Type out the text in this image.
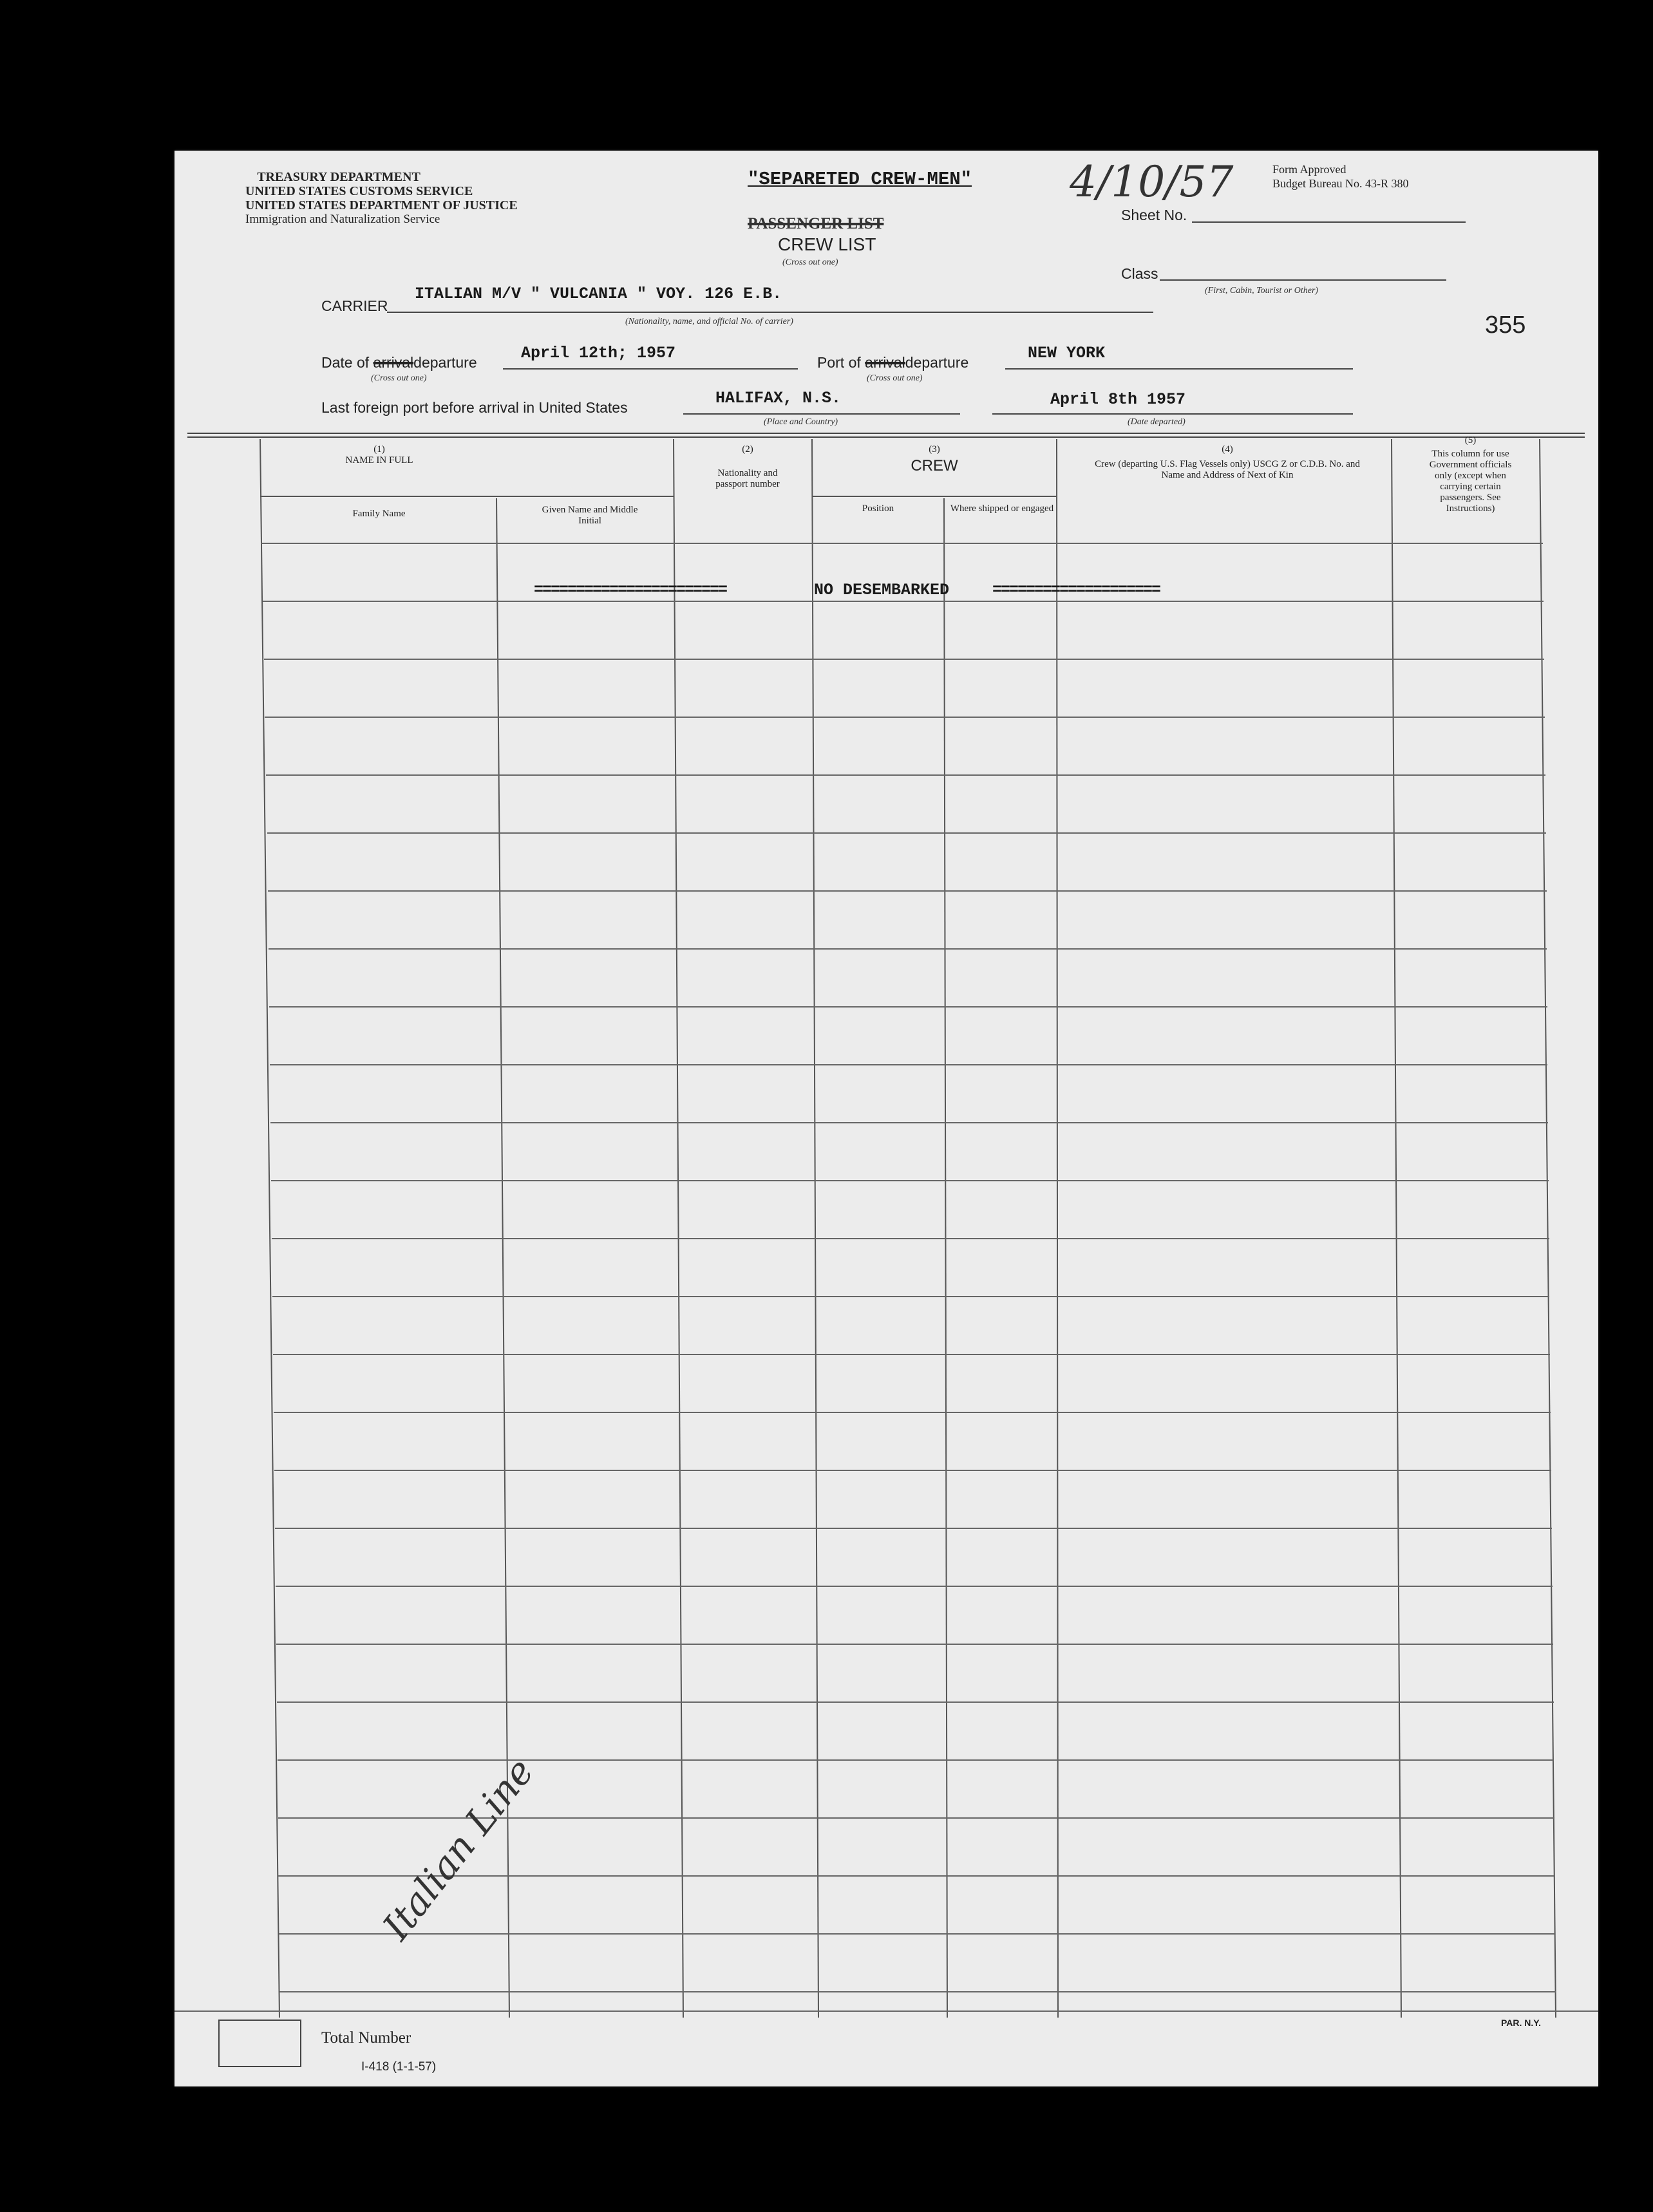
TREASURY DEPARTMENT
UNITED STATES CUSTOMS SERVICE
UNITED STATES DEPARTMENT OF JUSTICE
Immigration and Naturalization Service
"SEPARETED CREW-MEN"
PASSENGER LIST
CREW LIST
(Cross out one)
4/10/57	Form Approved
Budget Bureau No. 43-R 380
Sheet No.
Class
(First, Cabin, Tourist or Other)
355
CARRIER
ITALIAN M/V " VULCANIA " VOY. 126 E.B.
(Nationality, name, and official No. of carrier)
Date of arrivaldeparture	April 12th; 1957
(Cross out one)
Port of arrivaldeparture	NEW YORK
(Cross out one)
Last foreign port before arrival in United States	HALIFAX, N.S.
(Place and Country)
April 8th 1957
(Date departed)
(1)
NAME IN FULL
Family Name	Given Name and Middle Initial
(2)
Nationality and passport number
(3)
CREW
Position	Where shipped or engaged
(4)
Crew (departing U.S. Flag Vessels only) USCG Z or C.D.B. No. and Name and Address of Next of Kin
(5)
This column for use Government officials only (except when carrying certain passengers. See Instructions)
=======================	NO DESEMBARKED	====================
Italian Line
Total Number
I-418 (1-1-57)
PAR. N.Y.
